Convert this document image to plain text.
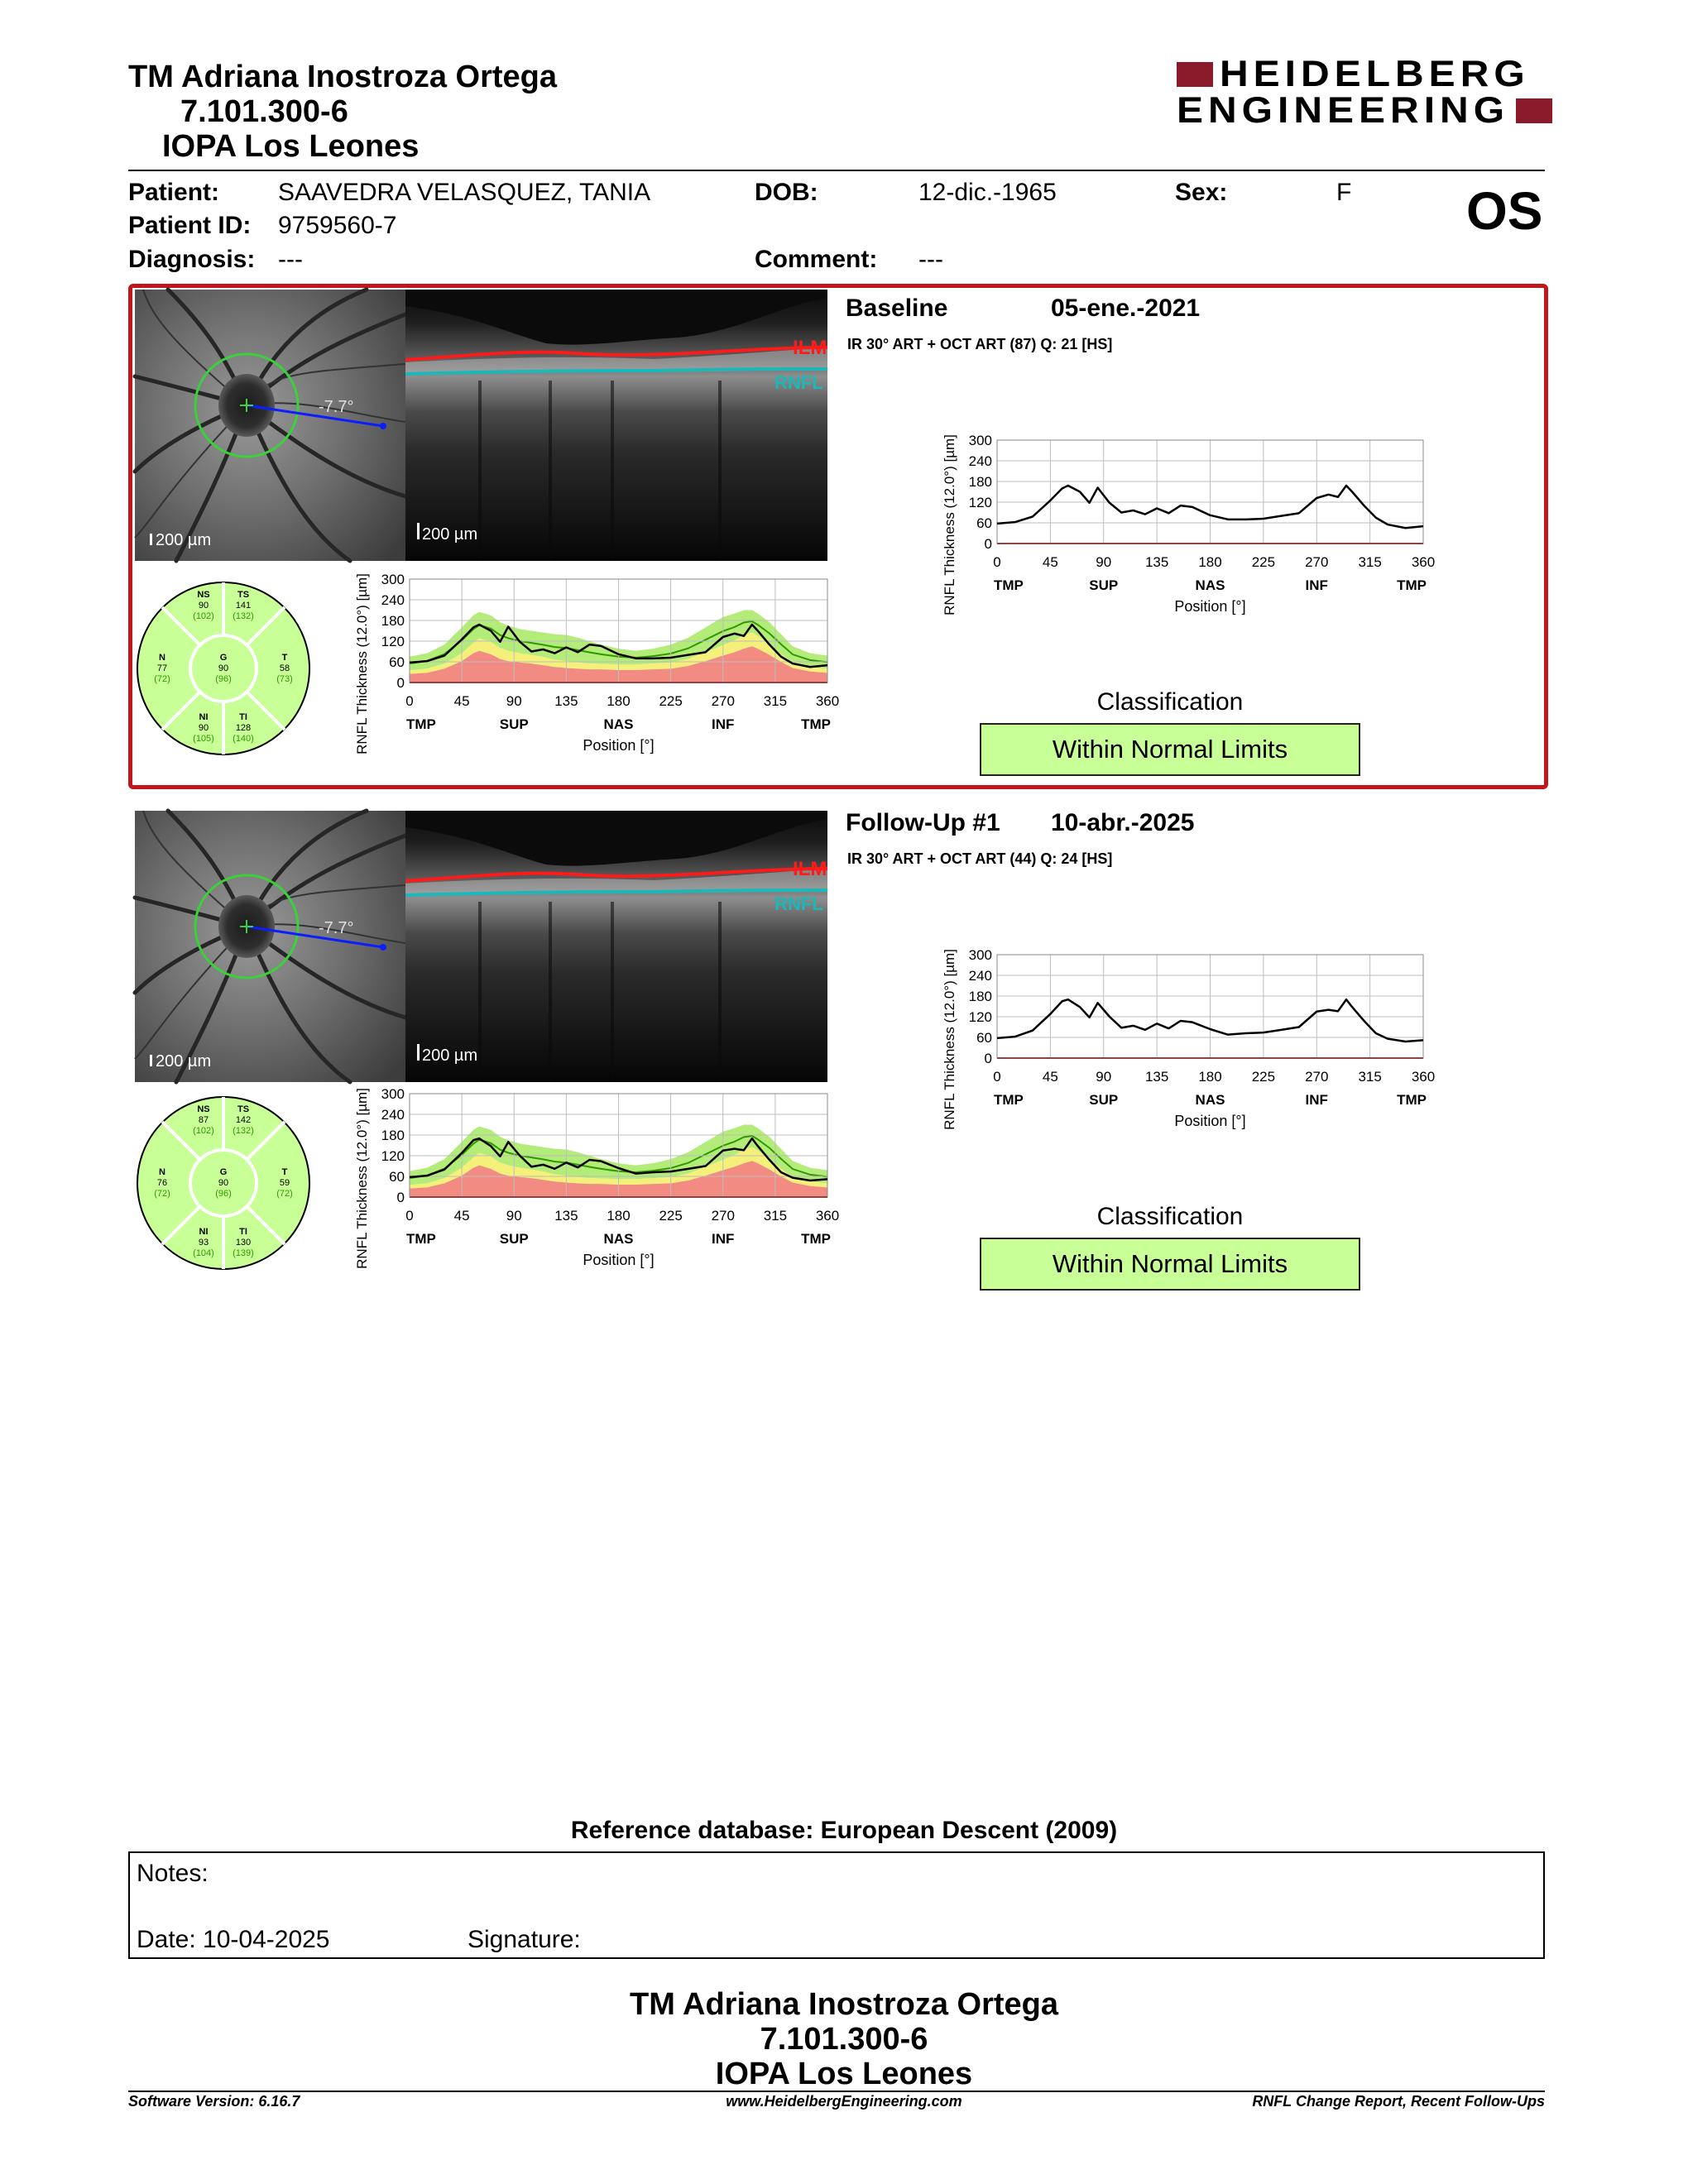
TM Adriana Inostroza Ortega
7.101.300-6
IOPA Los Leones
HEIDELBERG
ENGINEERING
Patient: SAAVEDRA VELASQUEZ, TANIA
Patient ID: 9759560-7
Diagnosis: ---
DOB:	12-dic.-1965	Sex:	F
Comment: ---
OS
-7.7°
200 µm
ILM
RNFL
200 µm
NS
90
(102)
TS
141
(132)
N
77
(72)
G
90
(96)
T
58
(73)
NI
90
(105)
TI
128
(140)
0
60
120
180
240
300
0	45	90 135 180 225 270 315 360
TMP	SUP	NAS	INF	TMP
Position [°]
RNFL Thickness (12.0°) [µm]
Baseline	05-ene.-2021
IR 30° ART + OCT ART (87) Q: 21 [HS]
0
60
120
180
240
300
0	45	90 135 180 225 270 315 360
TMP	SUP	NAS	INF	TMP
Position [°]
RNFL Thickness (12.0°) [µm]
Classification
Within Normal Limits
-7.7°
200 µm
ILM
RNFL
200 µm
NS
87
(102)
TS
142
(132)
N
76
(72)
G
90
(96)
T
59
(72)
NI
93
(104)
TI
130
(139)
0
60
120
180
240
300
0	45	90 135 180 225 270 315 360
TMP	SUP	NAS	INF	TMP
Position [°]
RNFL Thickness (12.0°) [µm]
Follow-Up #1 10-abr.-2025
IR 30° ART + OCT ART (44) Q: 24 [HS]
0
60
120
180
240
300
0	45	90 135 180 225 270 315 360
TMP	SUP	NAS	INF	TMP
Position [°]
RNFL Thickness (12.0°) [µm]
Classification
Within Normal Limits
Reference database: European Descent (2009)
Notes:
Date: 10-04-2025	Signature:
TM Adriana Inostroza Ortega
7.101.300-6
IOPA Los Leones
Software Version: 6.16.7	www.HeidelbergEngineering.com	RNFL Change Report, Recent Follow-Ups
